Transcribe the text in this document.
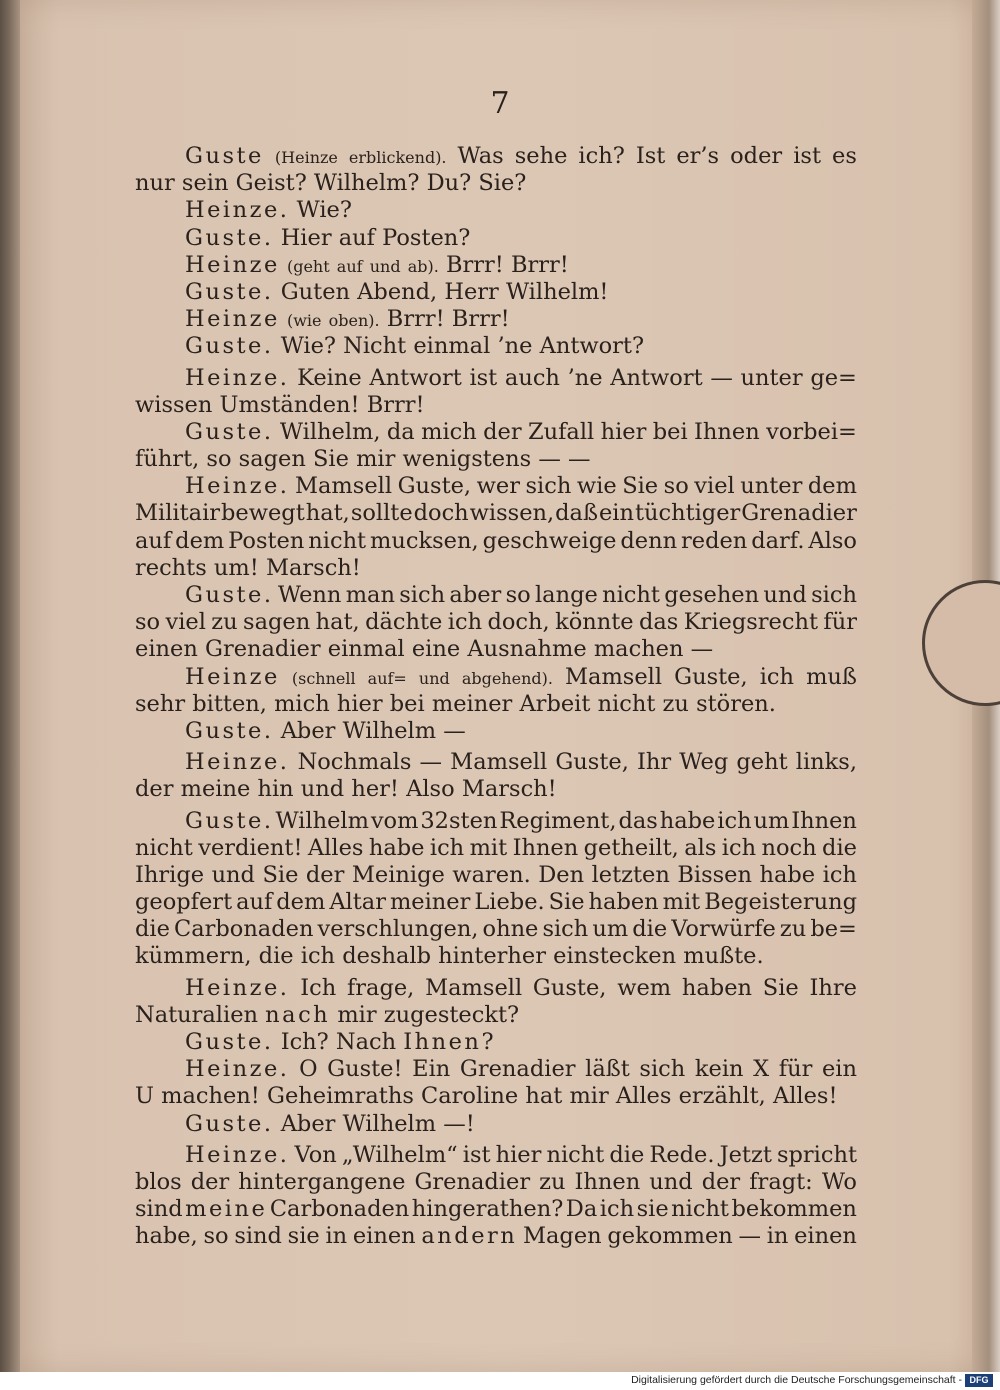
7
Guste (Heinze erblickend). Was sehe ich? Ist er’s oder ist es
nur
sein
Geist?
Wilhelm?
Du?
Sie?
Heinze.
Wie?
Guste.
Hier
auf
Posten?
Heinze
(geht
auf
und
ab).
Brrr!
Brrr!
Guste.
Guten
Abend,
Herr
Wilhelm!
Heinze
(wie
oben).
Brrr!
Brrr!
Guste.
Wie?
Nicht
einmal
’ne
Antwort?
Heinze. Keine Antwort ist auch ’ne Antwort — unter ge=
wissen
Umständen!
Brrr!
Guste. Wilhelm, da mich der Zufall hier bei Ihnen vorbei=
führt,
so
sagen
Sie
mir
wenigstens
—
—
Heinze. Mamsell Guste, wer sich wie Sie so viel unter dem
Militair bewegt hat, sollte doch wissen, daß ein tüchtiger Grenadier
auf dem Posten nicht mucksen, geschweige denn reden darf. Also
rechts
um!
Marsch!
Guste. Wenn man sich aber so lange nicht gesehen und sich
so viel zu sagen hat, dächte ich doch, könnte das Kriegsrecht für
einen
Grenadier
einmal
eine
Ausnahme
machen
—
Heinze (schnell auf= und abgehend). Mamsell Guste, ich muß
sehr
bitten,
mich
hier
bei
meiner
Arbeit
nicht
zu
stören.
Guste.
Aber
Wilhelm
—
Heinze. Nochmals — Mamsell Guste, Ihr Weg geht links,
der
meine
hin
und
her!
Also
Marsch!
Guste. Wilhelm vom 32sten Regiment, das habe ich um Ihnen
nicht verdient! Alles habe ich mit Ihnen getheilt, als ich noch die
Ihrige und Sie der Meinige waren. Den letzten Bissen habe ich
geopfert auf dem Altar meiner Liebe. Sie haben mit Begeisterung
die Carbonaden verschlungen, ohne sich um die Vorwürfe zu be=
kümmern,
die
ich
deshalb
hinterher
einstecken
mußte.
Heinze. Ich frage, Mamsell Guste, wem haben Sie Ihre
Naturalien
nach
mir
zugesteckt?
Guste.
Ich?
Nach
Ihnen?
Heinze. O Guste! Ein Grenadier läßt sich kein X für ein
U
machen!
Geheimraths
Caroline
hat
mir
Alles
erzählt,
Alles!
Guste.
Aber
Wilhelm
—!
Heinze. Von „Wilhelm“ ist hier nicht die Rede. Jetzt spricht
blos der hintergangene Grenadier zu Ihnen und der fragt: Wo
sind meine Carbonaden hingerathen? Da ich sie nicht bekommen
habe, so sind sie in einen andern Magen gekommen — in einen
Digitalisierung gefördert durch die Deutsche Forschungsgemeinschaft - DFG
